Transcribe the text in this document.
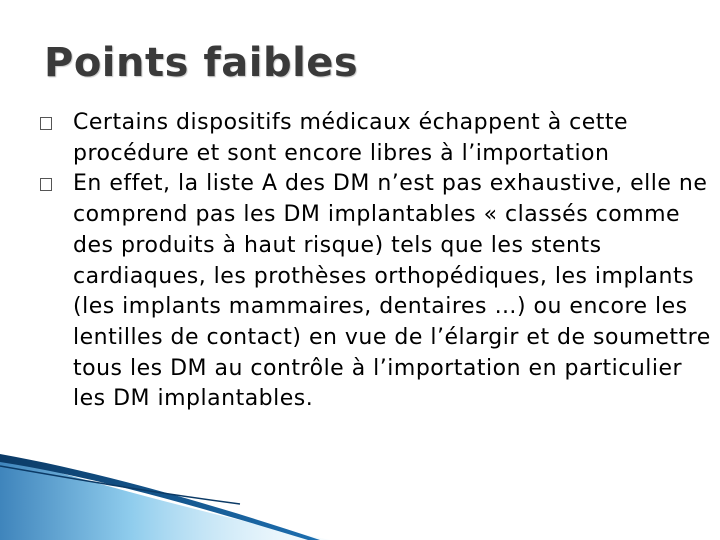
Points faibles
Certains dispositifs médicaux échappent à cette procédure et sont encore libres à l’importation
En effet, la liste A des DM n’est pas exhaustive, elle ne comprend pas les DM implantables « classés comme des produits à haut risque) tels que les stents cardiaques, les prothèses orthopédiques, les implants (les implants mammaires, dentaires …) ou encore les lentilles de contact) en vue de l’élargir et de soumettre tous les DM au contrôle à l’importation en particulier les DM implantables.
